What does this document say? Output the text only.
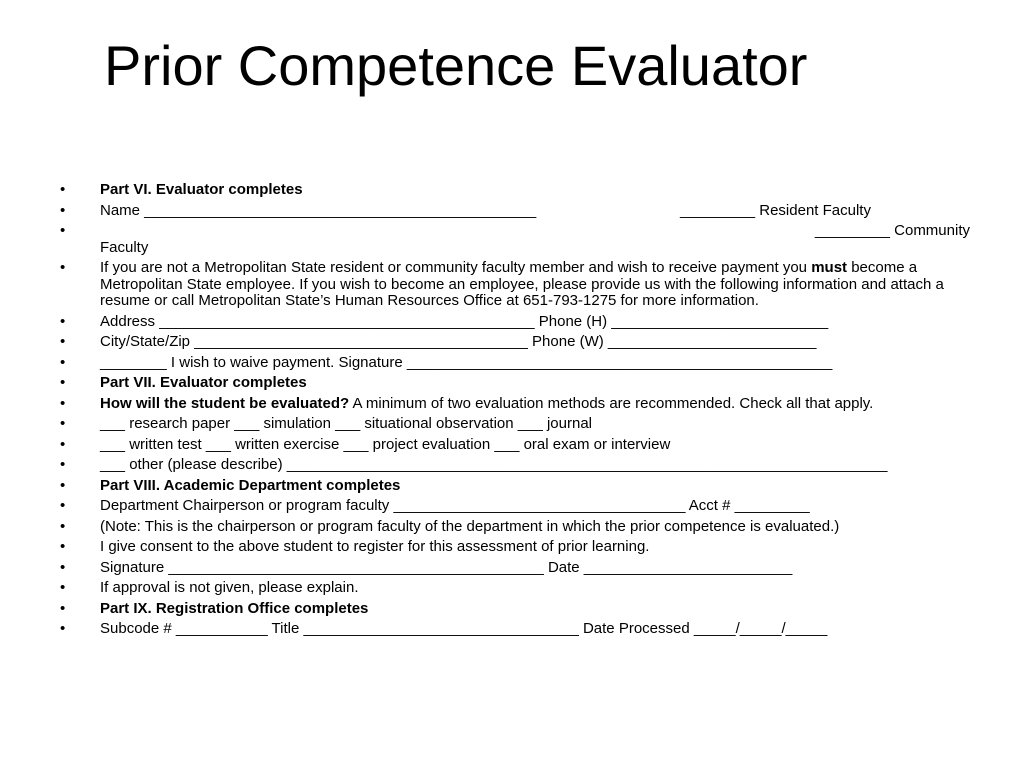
Prior Competence Evaluator
• Part VI. Evaluator completes
• Name _______________________________________________	_________ Resident Faculty
•	_________ Community
Faculty
• If you are not a Metropolitan State resident or community faculty member and wish to receive payment you must become a Metropolitan State employee. If you wish to become an employee, please provide us with the following information and attach a resume or call Metropolitan State’s Human Resources Office at 651-793-1275 for more information.
• Address _____________________________________________ Phone (H) __________________________
• City/State/Zip ________________________________________ Phone (W) _________________________
• ________ I wish to waive payment. Signature ___________________________________________________
• Part VII. Evaluator completes
• How will the student be evaluated? A minimum of two evaluation methods are recommended. Check all that apply.
• ___ research paper ___ simulation ___ situational observation ___ journal
• ___ written test ___ written exercise ___ project evaluation ___ oral exam or interview
• ___ other (please describe) ________________________________________________________________________
• Part VIII. Academic Department completes
• Department Chairperson or program faculty ___________________________________ Acct # _________
• (Note: This is the chairperson or program faculty of the department in which the prior competence is evaluated.)
• I give consent to the above student to register for this assessment of prior learning.
• Signature _____________________________________________ Date _________________________
• If approval is not given, please explain.
• Part IX. Registration Office completes
• Subcode # ___________ Title _________________________________ Date Processed _____/_____/_____
